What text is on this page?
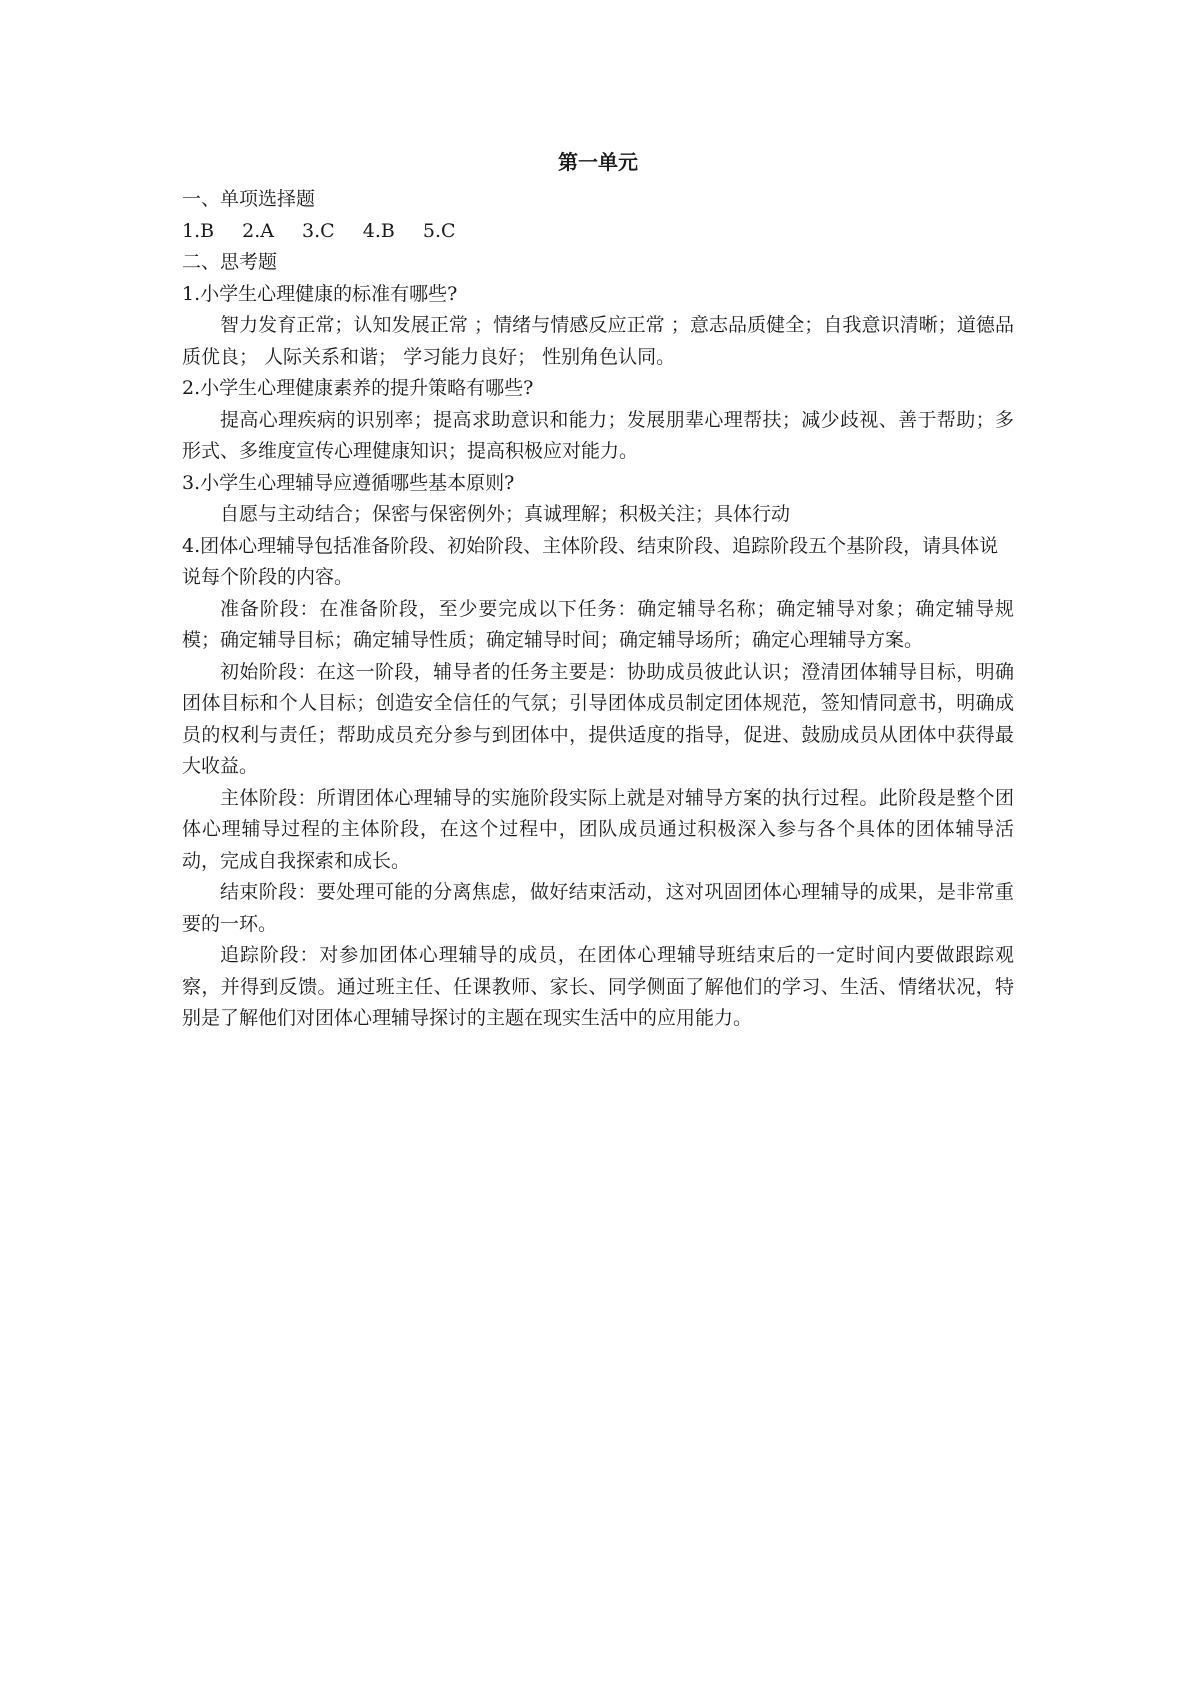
第一单元

一、单项选择题

1.B 2.A 3.C 4.B 5.C

二、思考题

1.小学生心理健康的标准有哪些?

智力发育正常；认知发展正常 ；情绪与情感反应正常 ；意志品质健全；自我意识清晰；道德品质优良； 人际关系和谐； 学习能力良好； 性别角色认同。

2.小学生心理健康素养的提升策略有哪些?

提高心理疾病的识别率；提高求助意识和能力；发展朋辈心理帮扶；减少歧视、善于帮助；多形式、多维度宣传心理健康知识；提高积极应对能力。

3.小学生心理辅导应遵循哪些基本原则?

自愿与主动结合；保密与保密例外；真诚理解；积极关注；具体行动

4.团体心理辅导包括准备阶段、初始阶段、主体阶段、结束阶段、追踪阶段五个基阶段，请具体说说每个阶段的内容。

准备阶段：在准备阶段，至少要完成以下任务：确定辅导名称；确定辅导对象；确定辅导规模；确定辅导目标；确定辅导性质；确定辅导时间；确定辅导场所；确定心理辅导方案。

初始阶段：在这一阶段，辅导者的任务主要是：协助成员彼此认识；澄清团体辅导目标，明确团体目标和个人目标；创造安全信任的气氛；引导团体成员制定团体规范，签知情同意书，明确成员的权利与责任；帮助成员充分参与到团体中，提供适度的指导，促进、鼓励成员从团体中获得最大收益。

主体阶段：所谓团体心理辅导的实施阶段实际上就是对辅导方案的执行过程。此阶段是整个团体心理辅导过程的主体阶段，在这个过程中，团队成员通过积极深入参与各个具体的团体辅导活动，完成自我探索和成长。

结束阶段：要处理可能的分离焦虑，做好结束活动，这对巩固团体心理辅导的成果，是非常重要的一环。

追踪阶段：对参加团体心理辅导的成员，在团体心理辅导班结束后的一定时间内要做跟踪观察，并得到反馈。通过班主任、任课教师、家长、同学侧面了解他们的学习、生活、情绪状况，特别是了解他们对团体心理辅导探讨的主题在现实生活中的应用能力。
